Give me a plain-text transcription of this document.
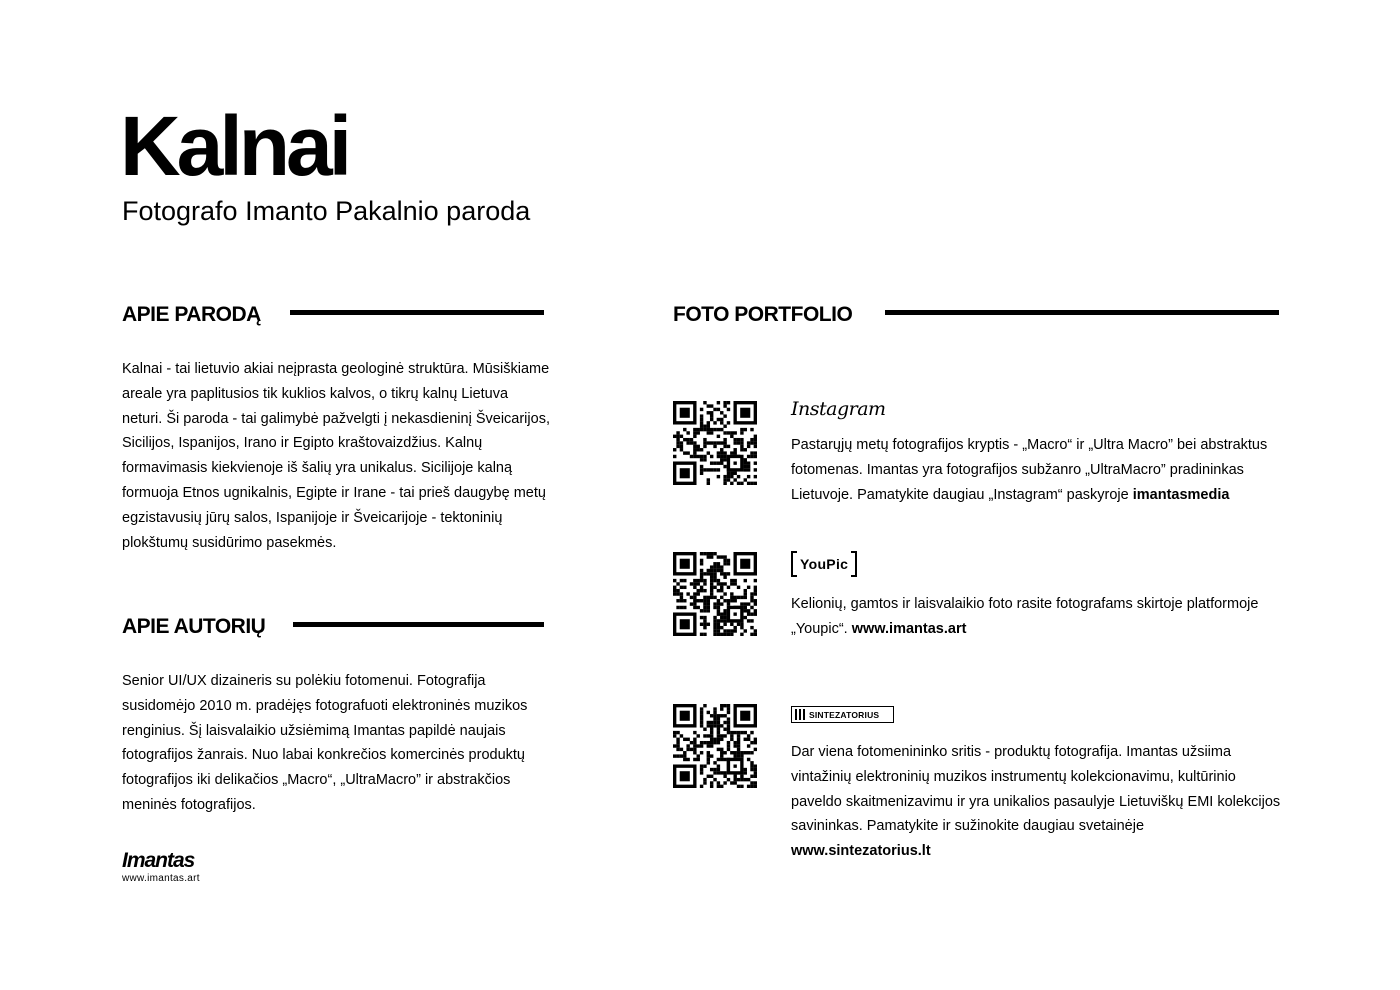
Kalnai
Fotografo Imanto Pakalnio paroda
APIE PARODĄ

Kalnai - tai lietuvio akiai neįprasta geologinė struktūra. Mūsiškiame

areale yra paplitusios tik kuklios kalvos, o tikrų kalnų Lietuva

neturi. Ši paroda - tai galimybė pažvelgti į nekasdieninį Šveicarijos,

Sicilijos, Ispanijos, Irano ir Egipto kraštovaizdžius. Kalnų

formavimasis kiekvienoje iš šalių yra unikalus. Sicilijoje kalną

formuoja Etnos ugnikalnis, Egipte ir Irane - tai prieš daugybę metų

egzistavusių jūrų salos, Ispanijoje ir Šveicarijoje - tektoninių

plokštumų susidūrimo pasekmės.

APIE AUTORIŲ

Senior UI/UX dizaineris su polėkiu fotomenui. Fotografija

susidomėjo 2010 m. pradėjęs fotografuoti elektroninės muzikos

renginius. Šį laisvalaikio užsiėmimą Imantas papildė naujais

fotografijos žanrais. Nuo labai konkrečios komercinės produktų

fotografijos iki delikačios „Macro“, „UltraMacro” ir abstrakčios

meninės fotografijos.

Imantas
www.imantas.art
FOTO PORTFOLIO
Instagram

Pastarųjų metų fotografijos kryptis - „Macro“ ir „Ultra Macro” bei abstraktus

fotomenas. Imantas yra fotografijos subžanro „UltraMacro” pradininkas

Lietuvoje. Pamatykite daugiau „Instagram“ paskyroje imantasmedia

YouPic

Kelionių, gamtos ir laisvalaikio foto rasite fotografams skirtoje platformoje

„Youpic“. www.imantas.art

SINTEZATORIUS

Dar viena fotomenininko sritis - produktų fotografija. Imantas užsiima

vintažinių elektroninių muzikos instrumentų kolekcionavimu, kultūrinio

paveldo skaitmenizavimu ir yra unikalios pasaulyje Lietuviškų EMI kolekcijos

savininkas. Pamatykite ir sužinokite daugiau svetainėje

www.sintezatorius.lt
